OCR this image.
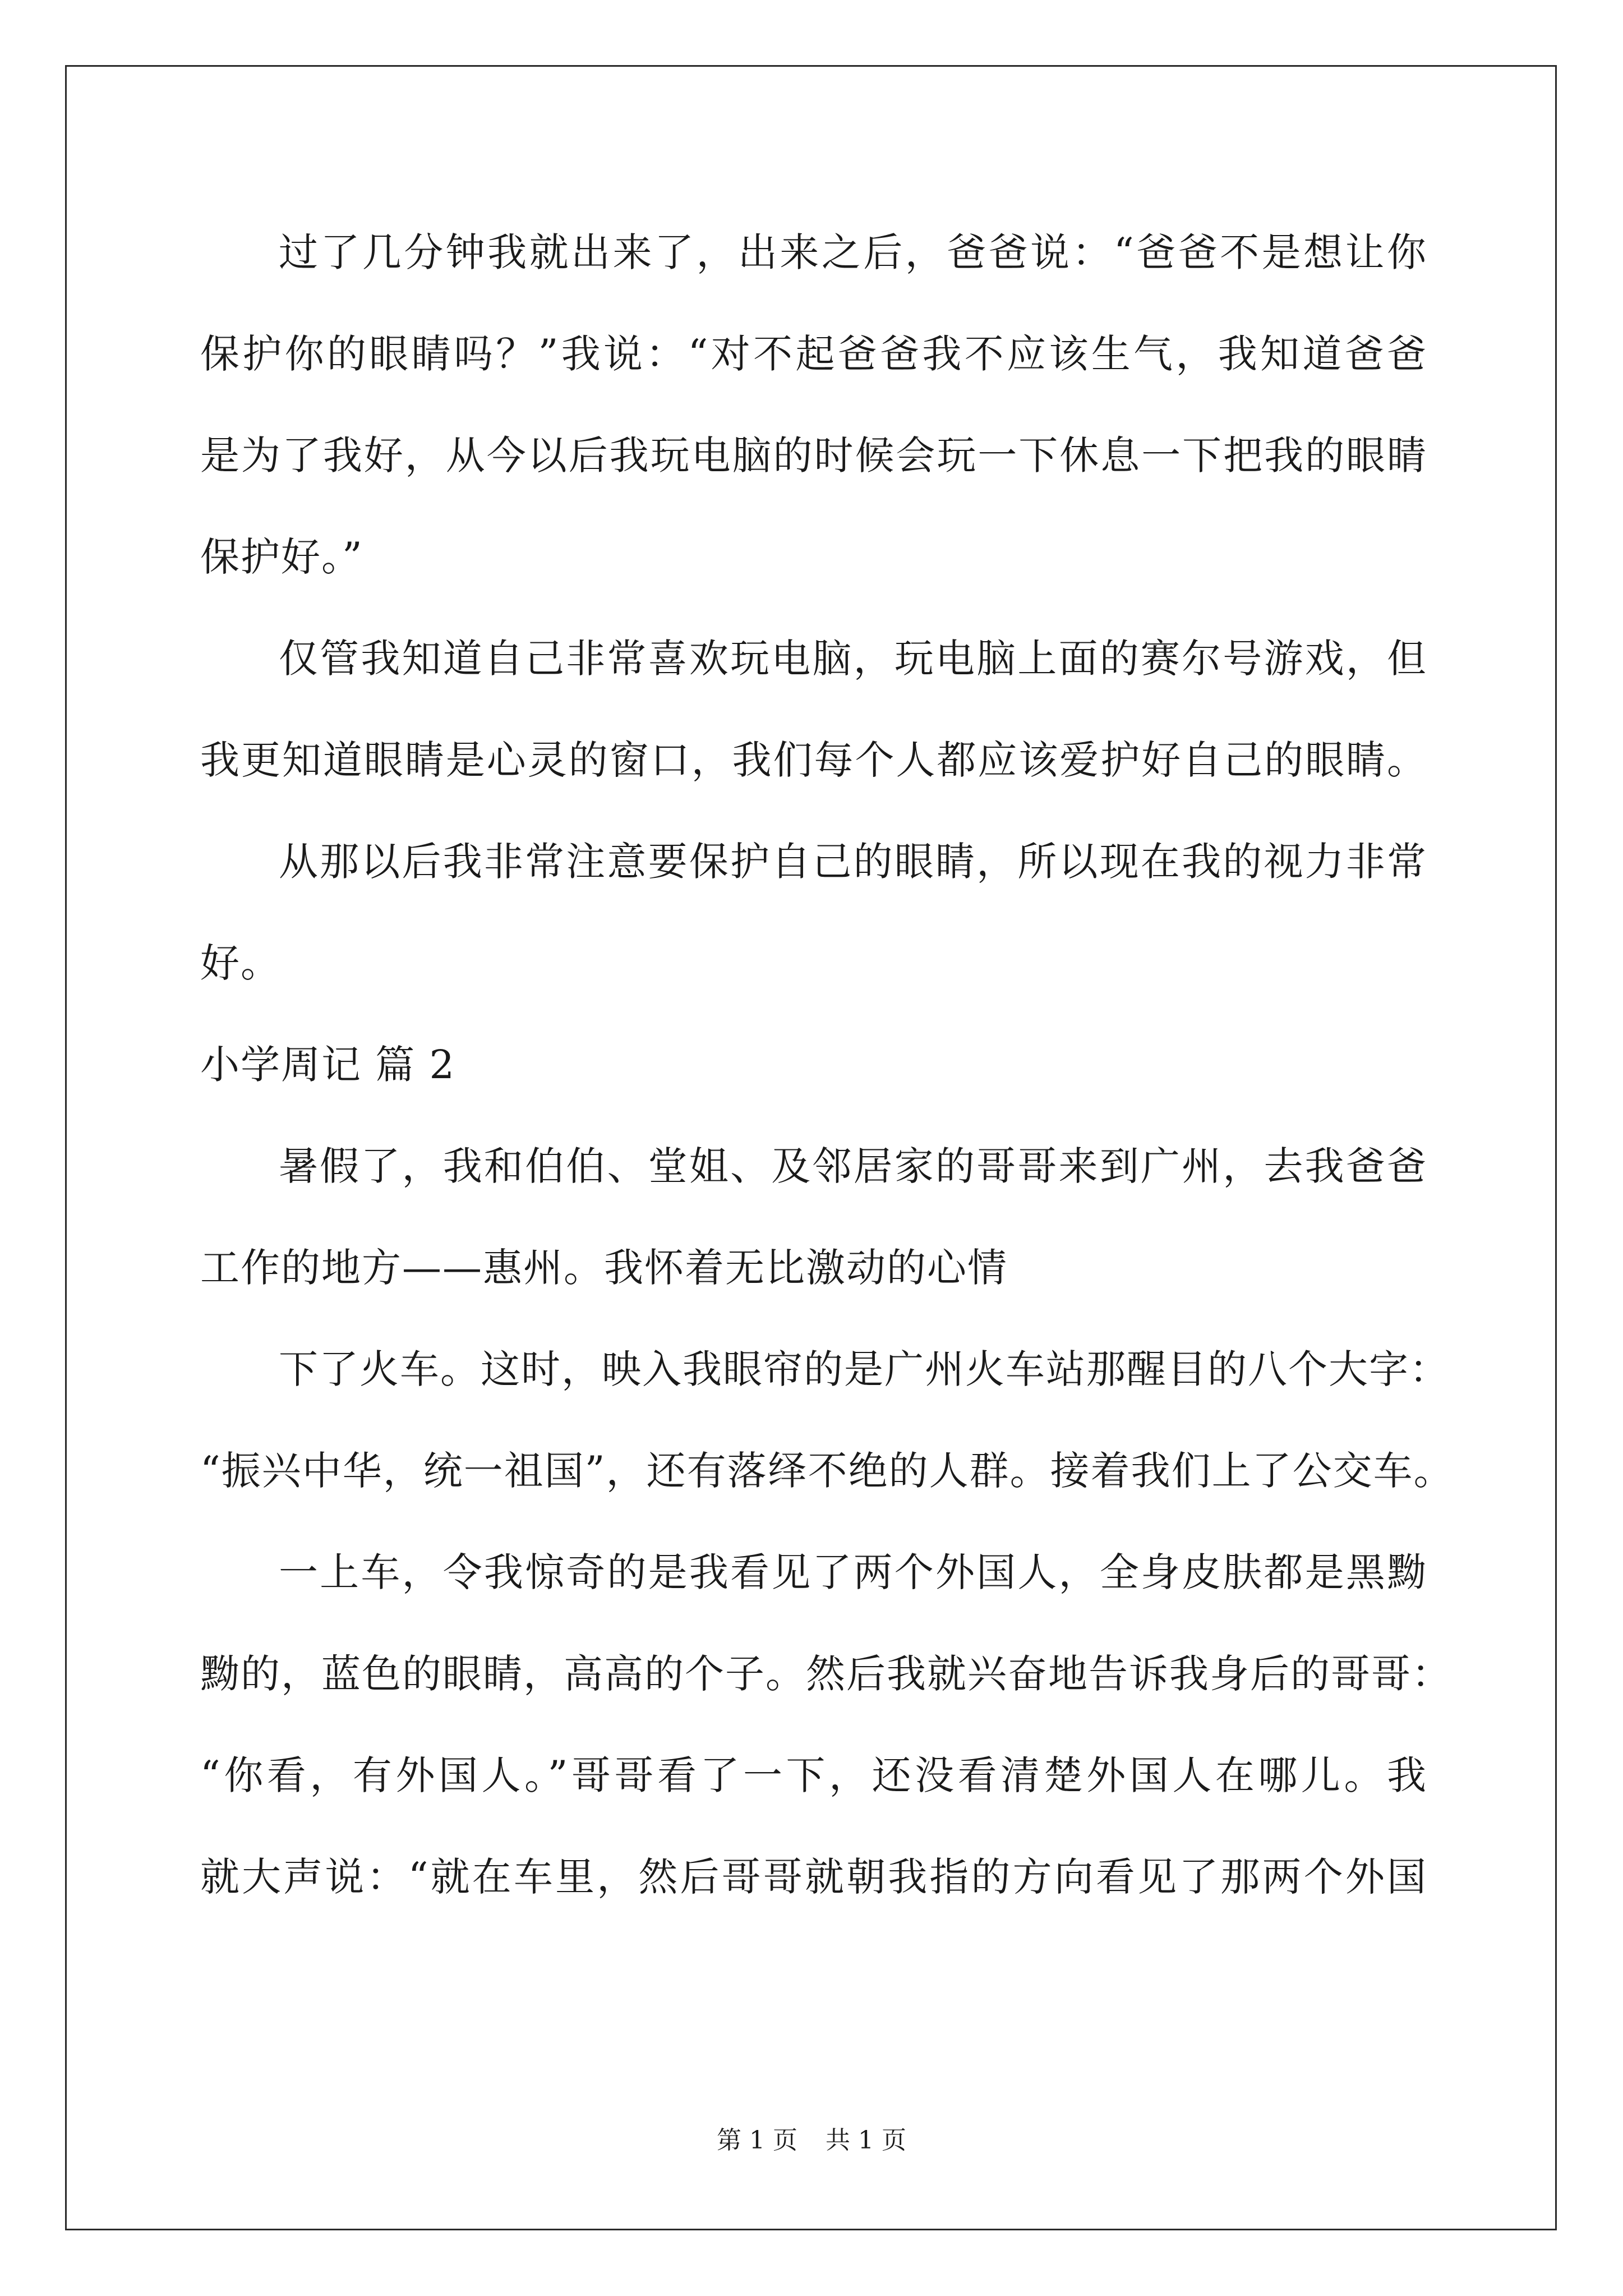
过了几分钟我就出来了，出来之后，爸爸说：“爸爸不是想让你
保护你的眼睛吗？”我说：“对不起爸爸我不应该生气，我知道爸爸
是为了我好，从今以后我玩电脑的时候会玩一下休息一下把我的眼睛
保护好。”
仅管我知道自己非常喜欢玩电脑，玩电脑上面的赛尔号游戏，但
我更知道眼睛是心灵的窗口，我们每个人都应该爱护好自己的眼睛。
从那以后我非常注意要保护自己的眼睛，所以现在我的视力非常
好。
小学周记 篇 2
暑假了，我和伯伯、堂姐、及邻居家的哥哥来到广州，去我爸爸
工作的地方——惠州。我怀着无比激动的心情
下了火车。这时，映入我眼帘的是广州火车站那醒目的八个大字：
“振兴中华，统一祖国”，还有落绎不绝的人群。接着我们上了公交车。
一上车，令我惊奇的是我看见了两个外国人，全身皮肤都是黑黝
黝的，蓝色的眼睛，高高的个子。然后我就兴奋地告诉我身后的哥哥：
“你看，有外国人。”哥哥看了一下，还没看清楚外国人在哪儿。我
就大声说：“就在车里，然后哥哥就朝我指的方向看见了那两个外国
第 1 页 共 1 页
